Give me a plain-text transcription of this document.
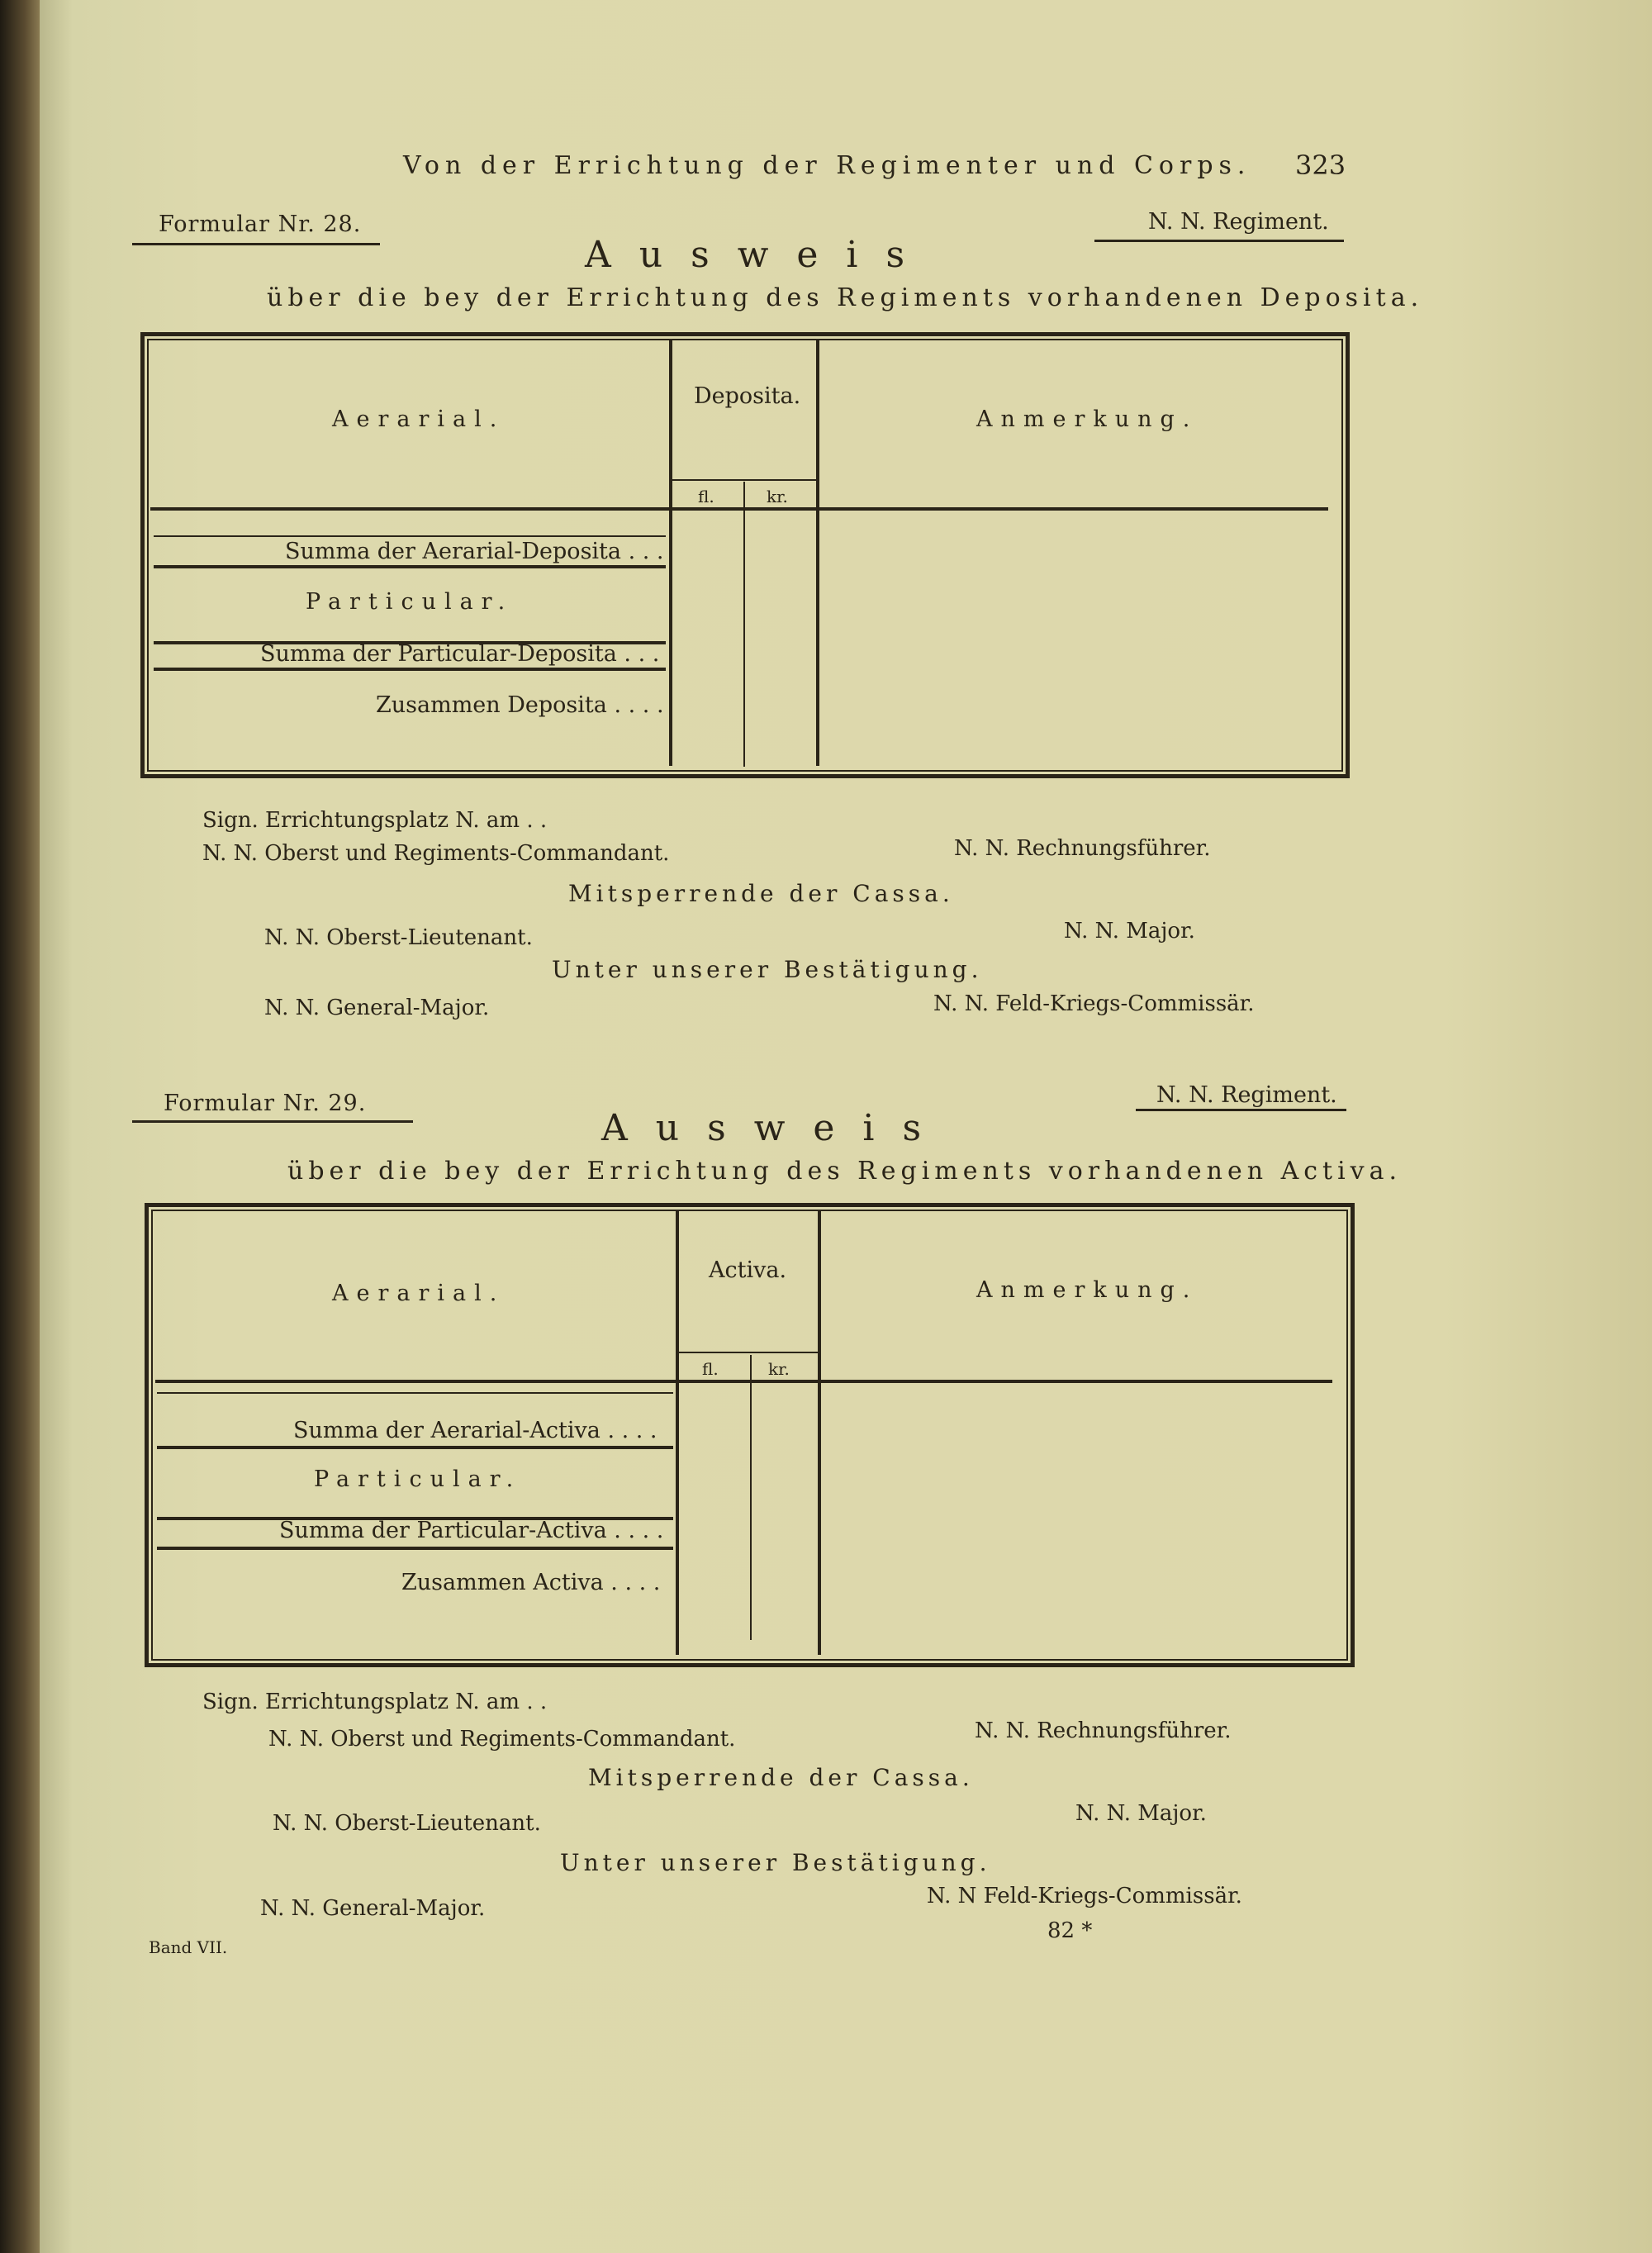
Von der Errichtung der Regimenter und Corps. 323
Formular Nr. 28.	N. N. Regiment.
Ausweis
über die bey der Errichtung des Regiments vorhandenen Deposita.
Aerarial.
Deposita.
fl.	kr.
Anmerkung.
Summa der Aerarial-Deposita . . .
Particular.
Summa der Particular-Deposita . . .
Zusammen Deposita . . . .
Sign. Errichtungsplatz N. am . .
N. N. Oberst und Regiments-Commandant.	N. N. Rechnungsführer.
Mitsperrende der Cassa.
N. N. Oberst-Lieutenant.	N. N. Major.
Unter unserer Bestätigung.
N. N. General-Major.	N. N. Feld-Kriegs-Commissär.
Formular Nr. 29.	N. N. Regiment.
Ausweis
über die bey der Errichtung des Regiments vorhandenen Activa.
Aerarial.
Activa.
fl.	kr.
Anmerkung.
Summa der Aerarial-Activa . . . .
Particular.
Summa der Particular-Activa . . . .
Zusammen Activa . . . .
Sign. Errichtungsplatz N. am . .
N. N. Oberst und Regiments-Commandant.	N. N. Rechnungsführer.
Mitsperrende der Cassa.
N. N. Oberst-Lieutenant.	N. N. Major.
Unter unserer Bestätigung.
N. N. General-Major.	N. N Feld-Kriegs-Commissär.
Band VII.
82 *
